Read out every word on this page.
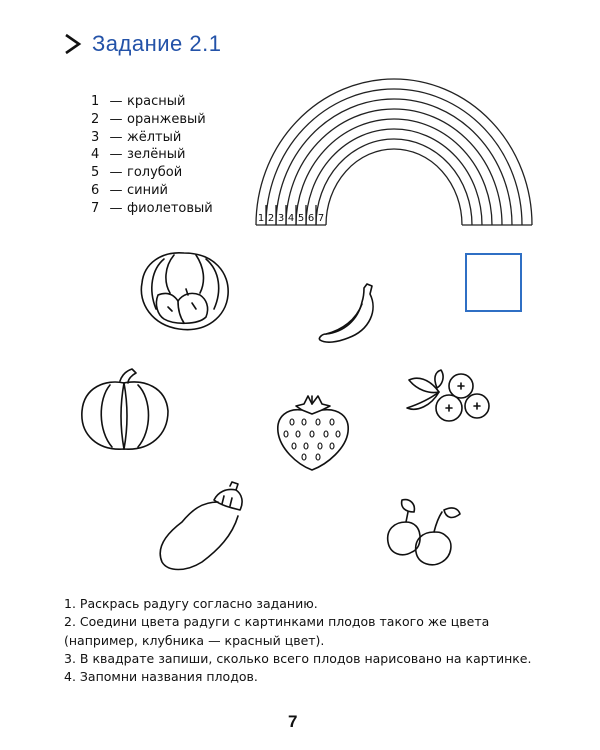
Задание 2.1
1 — красный
2 — оранжевый
3 — жёлтый
4 — зелёный
5 — голубой
6 — синий
7 — фиолетовый
1 2 3 4 5 6 7

1. Раскрась радугу согласно заданию.

2. Соедини цвета радуги с картинками плодов такого же цвета (например, клубника — красный цвет).

3. В квадрате запиши, сколько всего плодов нарисовано на картинке.

4. Запомни названия плодов.

7
